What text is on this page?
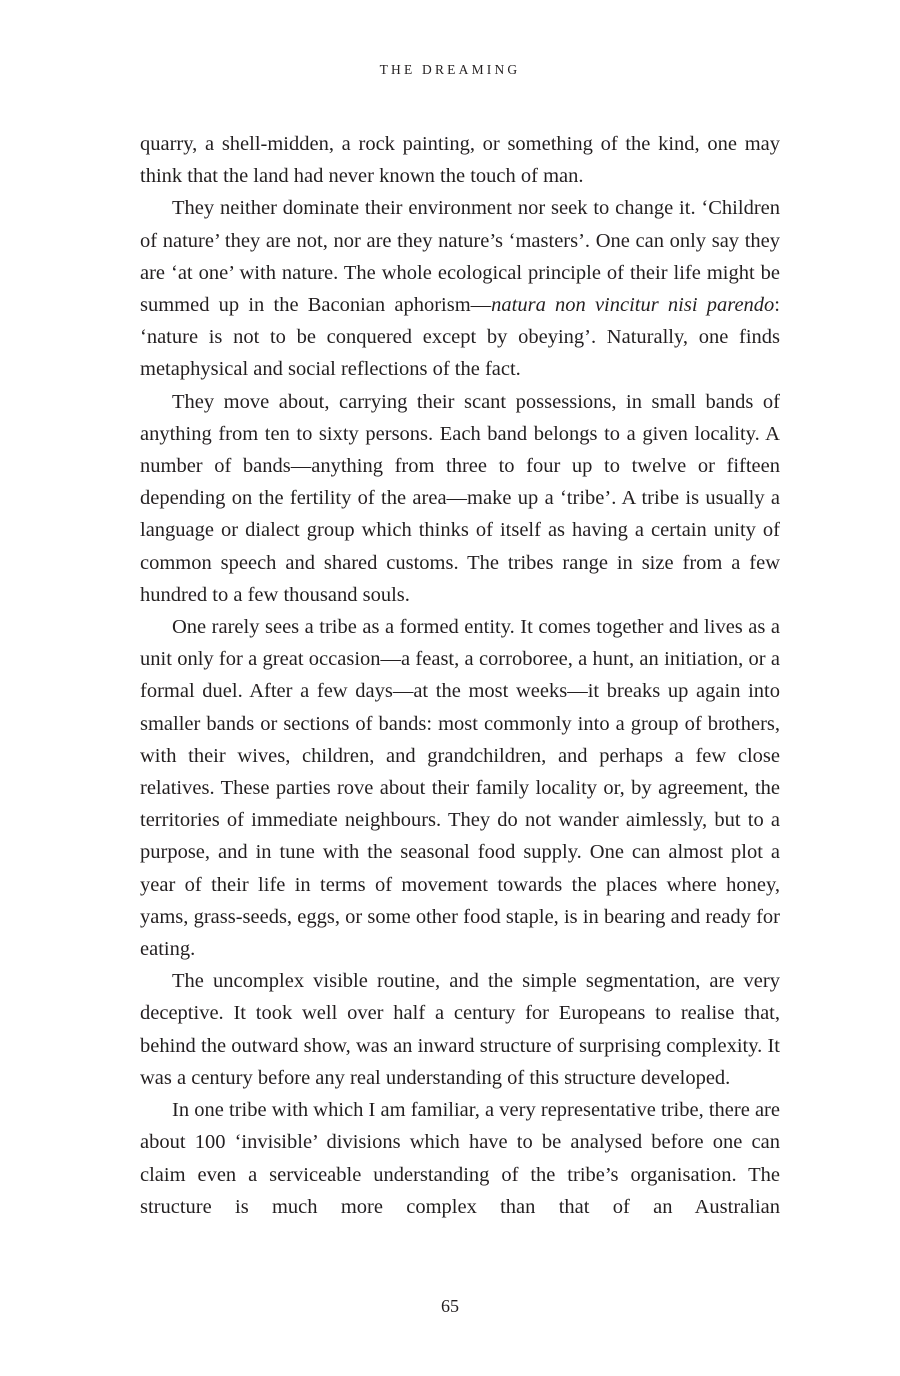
THE DREAMING

quarry, a shell-midden, a rock painting, or something of the kind, one may think that the land had never known the touch of man.

They neither dominate their environment nor seek to change it. ‘Children of nature’ they are not, nor are they nature’s ‘masters’. One can only say they are ‘at one’ with nature. The whole ecological principle of their life might be summed up in the Baconian aphorism—natura non vincitur nisi parendo: ‘nature is not to be conquered except by obeying’. Naturally, one finds metaphysical and social reflections of the fact.

They move about, carrying their scant possessions, in small bands of anything from ten to sixty persons. Each band belongs to a given locality. A number of bands—anything from three to four up to twelve or fifteen depending on the fertility of the area—make up a ‘tribe’. A tribe is usually a language or dialect group which thinks of itself as having a certain unity of common speech and shared customs. The tribes range in size from a few hundred to a few thousand souls.

One rarely sees a tribe as a formed entity. It comes together and lives as a unit only for a great occasion—a feast, a corroboree, a hunt, an initiation, or a formal duel. After a few days—at the most weeks—it breaks up again into smaller bands or sections of bands: most commonly into a group of brothers, with their wives, children, and grandchildren, and perhaps a few close relatives. These parties rove about their family locality or, by agreement, the territories of immediate neighbours. They do not wander aimlessly, but to a purpose, and in tune with the seasonal food supply. One can almost plot a year of their life in terms of movement towards the places where honey, yams, grass-seeds, eggs, or some other food staple, is in bearing and ready for eating.

The uncomplex visible routine, and the simple segmentation, are very deceptive. It took well over half a century for Europeans to realise that, behind the outward show, was an inward structure of surprising complexity. It was a century before any real understanding of this structure developed.

In one tribe with which I am familiar, a very representative tribe, there are about 100 ‘invisible’ divisions which have to be analysed before one can claim even a serviceable understanding of the tribe’s organisation. The structure is much more complex than that of an Australian

65
